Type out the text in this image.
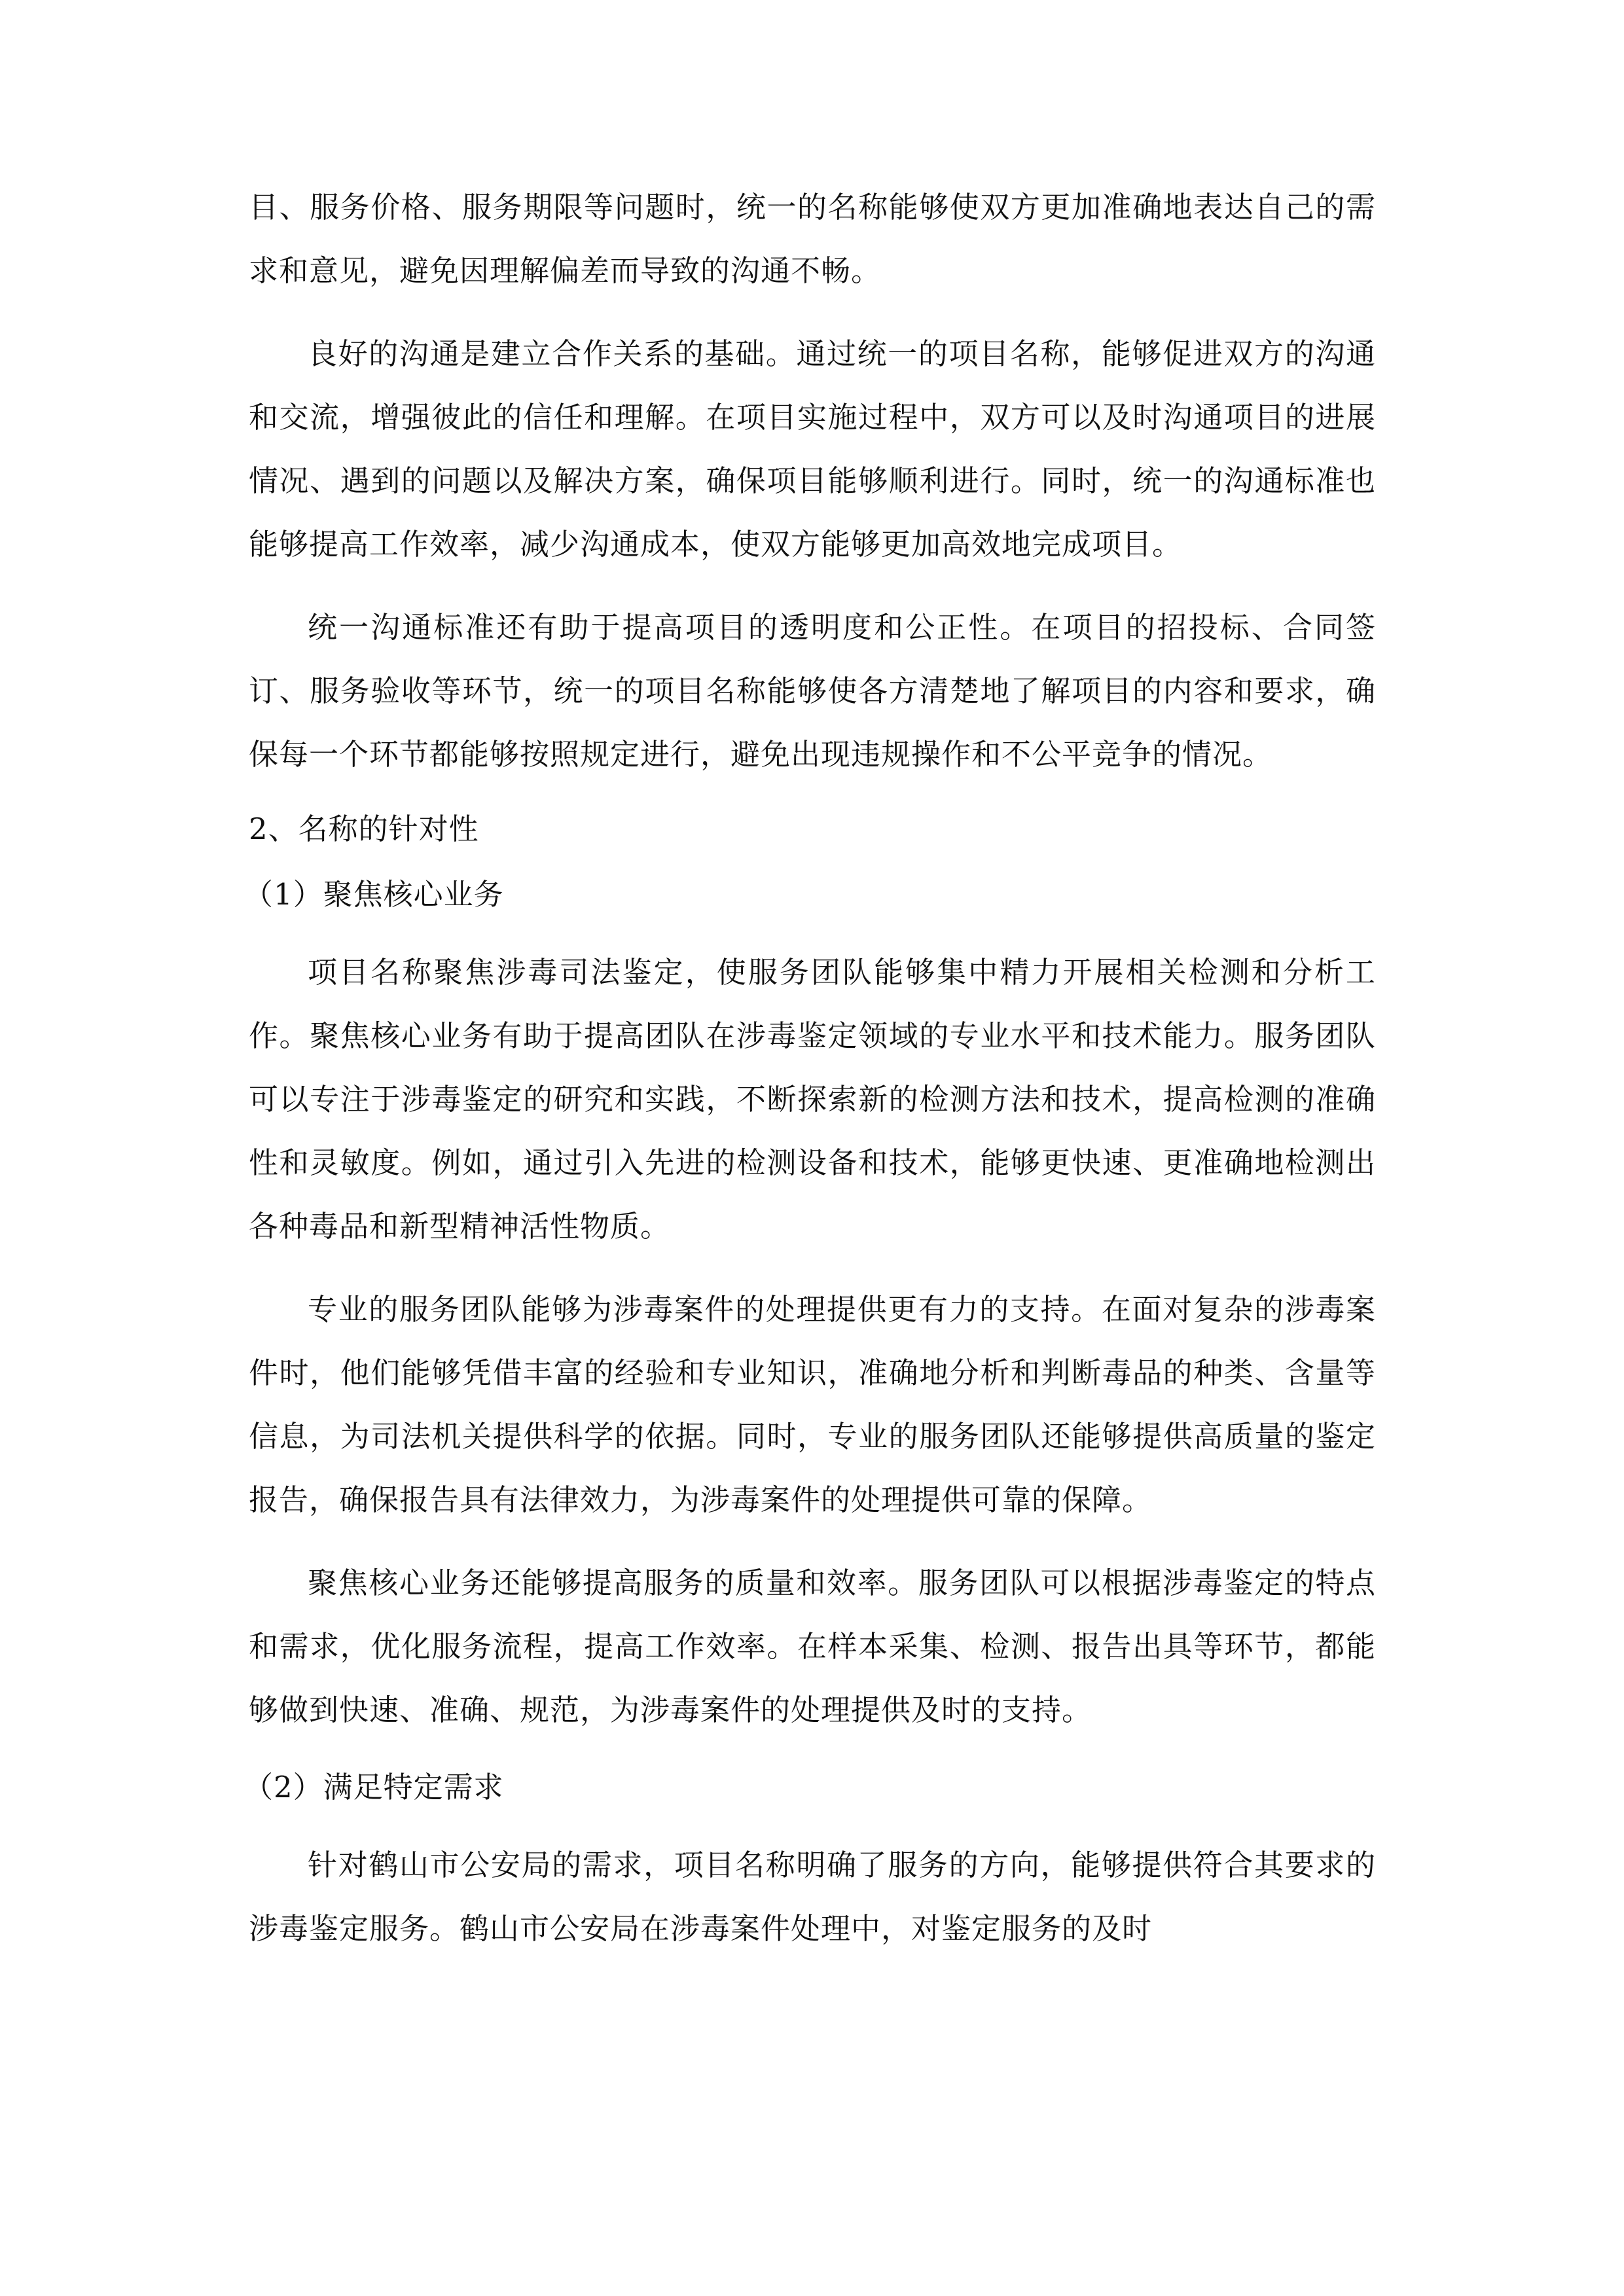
目、服务价格、服务期限等问题时，统一的名称能够使双方更加准确地表达自己的需求和意见，避免因理解偏差而导致的沟通不畅。

良好的沟通是建立合作关系的基础。通过统一的项目名称，能够促进双方的沟通和交流，增强彼此的信任和理解。在项目实施过程中，双方可以及时沟通项目的进展情况、遇到的问题以及解决方案，确保项目能够顺利进行。同时，统一的沟通标准也能够提高工作效率，减少沟通成本，使双方能够更加高效地完成项目。

统一沟通标准还有助于提高项目的透明度和公正性。在项目的招投标、合同签订、服务验收等环节，统一的项目名称能够使各方清楚地了解项目的内容和要求，确保每一个环节都能够按照规定进行，避免出现违规操作和不公平竞争的情况。

2、名称的针对性
（1）聚焦核心业务

项目名称聚焦涉毒司法鉴定，使服务团队能够集中精力开展相关检测和分析工作。聚焦核心业务有助于提高团队在涉毒鉴定领域的专业水平和技术能力。服务团队可以专注于涉毒鉴定的研究和实践，不断探索新的检测方法和技术，提高检测的准确性和灵敏度。例如，通过引入先进的检测设备和技术，能够更快速、更准确地检测出各种毒品和新型精神活性物质。

专业的服务团队能够为涉毒案件的处理提供更有力的支持。在面对复杂的涉毒案件时，他们能够凭借丰富的经验和专业知识，准确地分析和判断毒品的种类、含量等信息，为司法机关提供科学的依据。同时，专业的服务团队还能够提供高质量的鉴定报告，确保报告具有法律效力，为涉毒案件的处理提供可靠的保障。

聚焦核心业务还能够提高服务的质量和效率。服务团队可以根据涉毒鉴定的特点和需求，优化服务流程，提高工作效率。在样本采集、检测、报告出具等环节，都能够做到快速、准确、规范，为涉毒案件的处理提供及时的支持。

（2）满足特定需求

针对鹤山市公安局的需求，项目名称明确了服务的方向，能够提供符合其要求的涉毒鉴定服务。鹤山市公安局在涉毒案件处理中，对鉴定服务的及时
